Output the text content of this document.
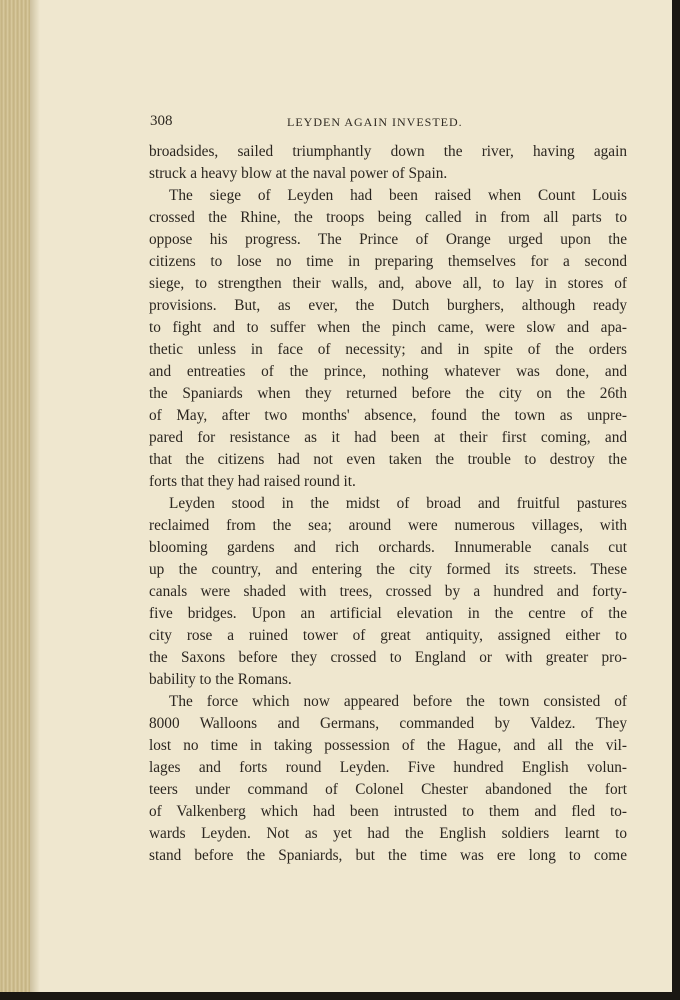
308	LEYDEN AGAIN INVESTED.
broadsides, sailed triumphantly down the river, having again
struck a heavy blow at the naval power of Spain.
The siege of Leyden had been raised when Count Louis
crossed the Rhine, the troops being called in from all parts to
oppose his progress. The Prince of Orange urged upon the
citizens to lose no time in preparing themselves for a second
siege, to strengthen their walls, and, above all, to lay in stores of
provisions. But, as ever, the Dutch burghers, although ready
to fight and to suffer when the pinch came, were slow and apa-
thetic unless in face of necessity; and in spite of the orders
and entreaties of the prince, nothing whatever was done, and
the Spaniards when they returned before the city on the 26th
of May, after two months' absence, found the town as unpre-
pared for resistance as it had been at their first coming, and
that the citizens had not even taken the trouble to destroy the
forts that they had raised round it.
Leyden stood in the midst of broad and fruitful pastures
reclaimed from the sea; around were numerous villages, with
blooming gardens and rich orchards. Innumerable canals cut
up the country, and entering the city formed its streets. These
canals were shaded with trees, crossed by a hundred and forty-
five bridges. Upon an artificial elevation in the centre of the
city rose a ruined tower of great antiquity, assigned either to
the Saxons before they crossed to England or with greater pro-
bability to the Romans.
The force which now appeared before the town consisted of
8000 Walloons and Germans, commanded by Valdez. They
lost no time in taking possession of the Hague, and all the vil-
lages and forts round Leyden. Five hundred English volun-
teers under command of Colonel Chester abandoned the fort
of Valkenberg which had been intrusted to them and fled to-
wards Leyden. Not as yet had the English soldiers learnt to
stand before the Spaniards, but the time was ere long to come
